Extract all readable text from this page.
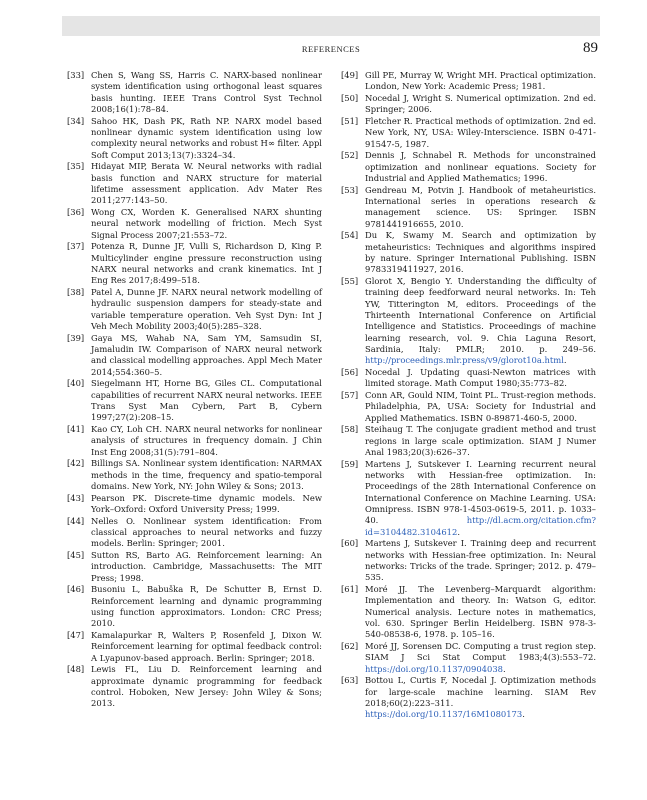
REFERENCES	89
[33] Chen S, Wang SS, Harris C. NARX-based nonlinear system identification using orthogonal least squares basis hunting. IEEE Trans Control Syst Technol 2008;16(1):78–84.
[34] Sahoo HK, Dash PK, Rath NP. NARX model based nonlinear dynamic system identification using low complexity neural networks and robust H∞ filter. Appl Soft Comput 2013;13(7):3324–34.
[35] Hidayat MIP, Berata W. Neural networks with radial basis function and NARX structure for material lifetime assessment application. Adv Mater Res 2011;277:143–50.
[36] Wong CX, Worden K. Generalised NARX shunting neural network modelling of friction. Mech Syst Signal Process 2007;21:553–72.
[37] Potenza R, Dunne JF, Vulli S, Richardson D, King P. Multicylinder engine pressure reconstruction using NARX neural networks and crank kinematics. Int J Eng Res 2017;8:499–518.
[38] Patel A, Dunne JF. NARX neural network modelling of hydraulic suspension dampers for steady-state and variable temperature operation. Veh Syst Dyn: Int J Veh Mech Mobility 2003;40(5):285–328.
[39] Gaya MS, Wahab NA, Sam YM, Samsudin SI, Jamaludin IW. Comparison of NARX neural network and classical modelling approaches. Appl Mech Mater 2014;554:360–5.
[40] Siegelmann HT, Horne BG, Giles CL. Computational capabilities of recurrent NARX neural networks. IEEE Trans Syst Man Cybern, Part B, Cybern 1997;27(2):208–15.
[41] Kao CY, Loh CH. NARX neural networks for nonlinear analysis of structures in frequency domain. J Chin Inst Eng 2008;31(5):791–804.
[42] Billings SA. Nonlinear system identification: NARMAX methods in the time, frequency and spatio-temporal domains. New York, NY: John Wiley & Sons; 2013.
[43] Pearson PK. Discrete-time dynamic models. New York–Oxford: Oxford University Press; 1999.
[44] Nelles O. Nonlinear system identification: From classical approaches to neural networks and fuzzy models. Berlin: Springer; 2001.
[45] Sutton RS, Barto AG. Reinforcement learning: An introduction. Cambridge, Massachusetts: The MIT Press; 1998.
[46] Busoniu L, Babuška R, De Schutter B, Ernst D. Reinforcement learning and dynamic programming using function approximators. London: CRC Press; 2010.
[47] Kamalapurkar R, Walters P, Rosenfeld J, Dixon W. Reinforcement learning for optimal feedback control: A Lyapunov-based approach. Berlin: Springer; 2018.
[48] Lewis FL, Liu D. Reinforcement learning and approximate dynamic programming for feedback control. Hoboken, New Jersey: John Wiley & Sons; 2013.
[49] Gill PE, Murray W, Wright MH. Practical optimization. London, New York: Academic Press; 1981.
[50] Nocedal J, Wright S. Numerical optimization. 2nd ed. Springer; 2006.
[51] Fletcher R. Practical methods of optimization. 2nd ed. New York, NY, USA: Wiley-Interscience. ISBN 0-471-91547-5, 1987.
[52] Dennis J, Schnabel R. Methods for unconstrained optimization and nonlinear equations. Society for Industrial and Applied Mathematics; 1996.
[53] Gendreau M, Potvin J. Handbook of metaheuristics. International series in operations research & management science. US: Springer. ISBN 9781441916655, 2010.
[54] Du K, Swamy M. Search and optimization by metaheuristics: Techniques and algorithms inspired by nature. Springer International Publishing. ISBN 9783319411927, 2016.
[55] Glorot X, Bengio Y. Understanding the difficulty of training deep feedforward neural networks. In: Teh YW, Titterington M, editors. Proceedings of the Thirteenth International Conference on Artificial Intelligence and Statistics. Proceedings of machine learning research, vol. 9. Chia Laguna Resort, Sardinia, Italy: PMLR; 2010. p. 249–56. http://proceedings.mlr.press/v9/glorot10a.html.
[56] Nocedal J. Updating quasi-Newton matrices with limited storage. Math Comput 1980;35:773–82.
[57] Conn AR, Gould NIM, Toint PL. Trust-region methods. Philadelphia, PA, USA: Society for Industrial and Applied Mathematics. ISBN 0-89871-460-5, 2000.
[58] Steihaug T. The conjugate gradient method and trust regions in large scale optimization. SIAM J Numer Anal 1983;20(3):626–37.
[59] Martens J, Sutskever I. Learning recurrent neural networks with Hessian-free optimization. In: Proceedings of the 28th International Conference on International Conference on Machine Learning. USA: Omnipress. ISBN 978-1-4503-0619-5, 2011. p. 1033–40. http://dl.acm.org/citation.cfm?id=3104482.3104612.
[60] Martens J, Sutskever I. Training deep and recurrent networks with Hessian-free optimization. In: Neural networks: Tricks of the trade. Springer; 2012. p. 479–535.
[61] Moré JJ. The Levenberg–Marquardt algorithm: Implementation and theory. In: Watson G, editor. Numerical analysis. Lecture notes in mathematics, vol. 630. Springer Berlin Heidelberg. ISBN 978-3-540-08538-6, 1978. p. 105–16.
[62] Moré JJ, Sorensen DC. Computing a trust region step. SIAM J Sci Stat Comput 1983;4(3):553–72. https://doi.org/10.1137/0904038.
[63] Bottou L, Curtis F, Nocedal J. Optimization methods for large-scale machine learning. SIAM Rev 2018;60(2):223–311. https://doi.org/10.1137/16M1080173.
